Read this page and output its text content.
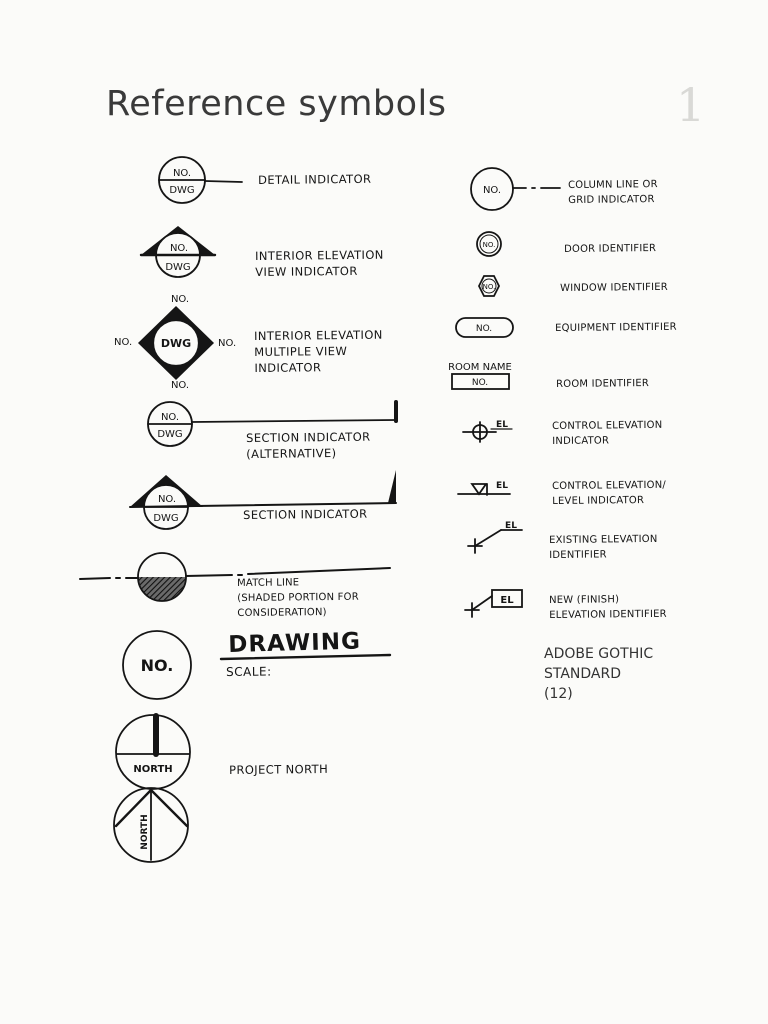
Reference symbols	1
NO.
DWG
NO.
DWG
DWG
NO.
NO.
NO.	NO.
NO.
DWG
NO.
DWG
NO.
NORTH
NORTH
NO.
NO.
NO.
NO.
ROOM NAME
NO.
EL
EL
EL
EL
DETAIL INDICATOR
INTERIOR ELEVATION
VIEW INDICATOR
INTERIOR ELEVATION
MULTIPLE VIEW
INDICATOR
SECTION INDICATOR
(ALTERNATIVE)
SECTION INDICATOR
MATCH LINE
(SHADED PORTION FOR
CONSIDERATION)
DRAWING
SCALE:
PROJECT NORTH
COLUMN LINE OR
GRID INDICATOR
DOOR IDENTIFIER
WINDOW IDENTIFIER
EQUIPMENT IDENTIFIER
ROOM IDENTIFIER
CONTROL ELEVATION
INDICATOR
CONTROL ELEVATION/
LEVEL INDICATOR
EXISTING ELEVATION
IDENTIFIER
NEW (FINISH)
ELEVATION IDENTIFIER
ADOBE GOTHIC
STANDARD
(12)
